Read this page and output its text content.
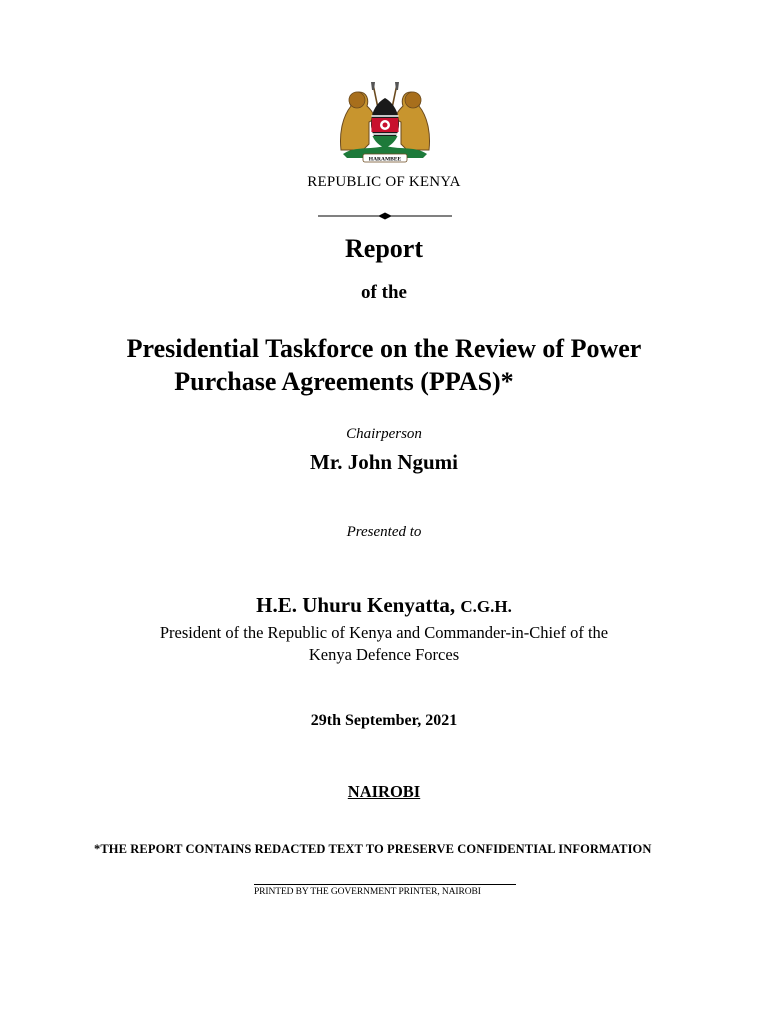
HARAMBEE
REPUBLIC OF KENYA
Report
of the
Presidential Taskforce on the Review of Power
Purchase Agreements (PPAS)*
Chairperson
Mr. John Ngumi
Presented to
H.E. Uhuru Kenyatta, C.G.H.
President of the Republic of Kenya and Commander-in-Chief of the
Kenya Defence Forces
29th September, 2021
NAIROBI
*THE REPORT CONTAINS REDACTED TEXT TO PRESERVE CONFIDENTIAL INFORMATION
PRINTED BY THE GOVERNMENT PRINTER, NAIROBI
